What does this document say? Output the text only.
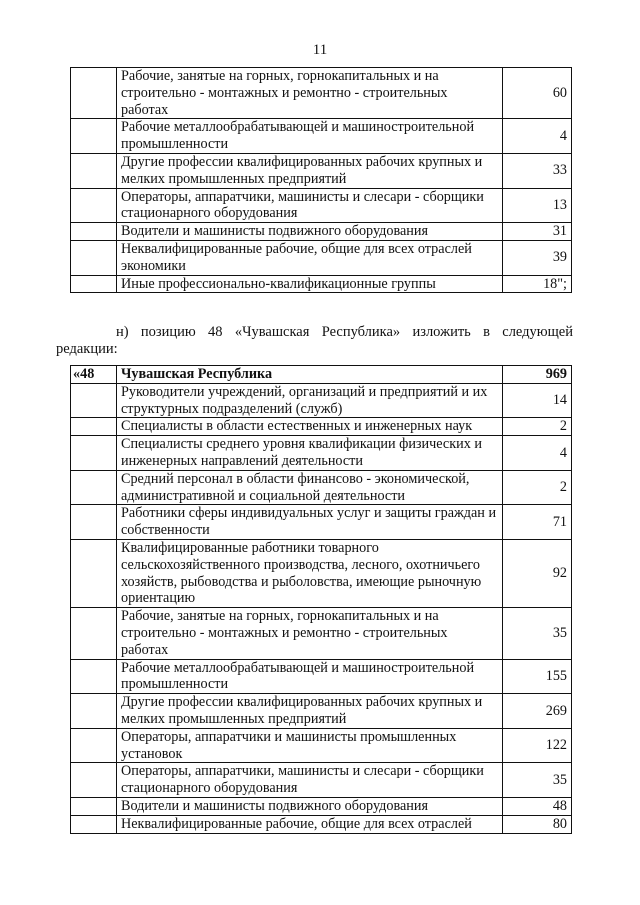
11
	Рабочие, занятые на горных, горнокапитальных и на строительно - монтажных и ремонтно - строительных работах	60
	Рабочие металлообрабатывающей и машиностроительной промышленности	4
	Другие профессии квалифицированных рабочих крупных и мелких промышленных предприятий	33
	Операторы, аппаратчики, машинисты и слесари - сборщики стационарного оборудования	13
	Водители и машинисты подвижного оборудования	31
	Неквалифицированные рабочие, общие для всех отраслей экономики	39
	Иные профессионально-квалификационные группы	18";
н) позицию 48 «Чувашская Республика» изложить в следующей редакции:
«48	Чувашская Республика	969
	Руководители учреждений, организаций и предприятий и их структурных подразделений (служб)	14
	Специалисты в области естественных и инженерных наук	2
	Специалисты среднего уровня квалификации физических и инженерных направлений деятельности	4
	Средний персонал в области финансово - экономической, административной и социальной деятельности	2
	Работники сферы индивидуальных услуг и защиты граждан и собственности	71
	Квалифицированные работники товарного сельскохозяйственного производства, лесного, охотничьего хозяйств, рыбоводства и рыболовства, имеющие рыночную ориентацию	92
	Рабочие, занятые на горных, горнокапитальных и на строительно - монтажных и ремонтно - строительных работах	35
	Рабочие металлообрабатывающей и машиностроительной промышленности	155
	Другие профессии квалифицированных рабочих крупных и мелких промышленных предприятий	269
	Операторы, аппаратчики и машинисты промышленных установок	122
	Операторы, аппаратчики, машинисты и слесари - сборщики стационарного оборудования	35
	Водители и машинисты подвижного оборудования	48
	Неквалифицированные рабочие, общие для всех отраслей	80
